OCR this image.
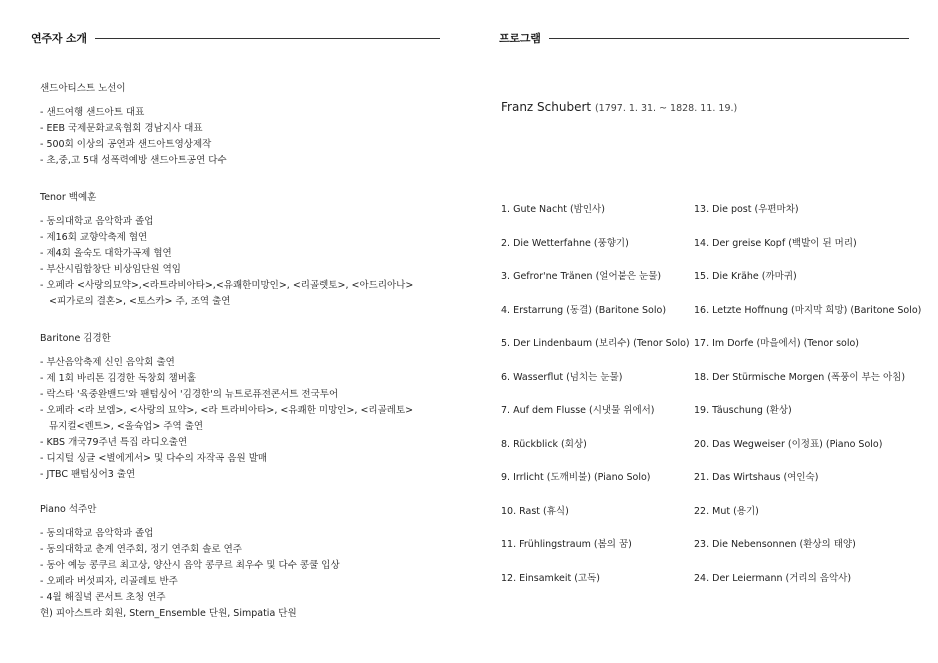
연주자 소개	프로그램
샌드아티스트 노선이
- 샌드여행 샌드아트 대표
- EEB 국제문화교육협회 경남지사 대표
- 500회 이상의 공연과 샌드아트영상제작
- 초,중,고 5대 성폭력예방 샌드아트공연 다수
Tenor 백예훈
- 동의대학교 음악학과 졸업
- 제16회 교향악축제 협연
- 제4회 올숙도 대학가곡제 협연
- 부산시립합창단 비상임단원 역임
- 오페라 <사랑의묘약>,<라트라비아타>,<유쾌한미망인>, <리골렛토>, <아드리아나>
<피가로의 결혼>, <토스카> 주, 조역 출연
Baritone 김경한
- 부산음악축제 신인 음악회 출연
- 제 1회 바리톤 김경한 독창회 챔버홀
- 락스타 '육중완밴드'와 팬텀싱어 '김경한'의 뉴트로퓨전콘서트 전국투어
- 오페라 <라 보엠>, <사랑의 묘약>, <라 트라비아타>, <유쾌한 미망인>, <리골레토>
뮤지컬<렌트>, <올슉업> 주역 출연
- KBS 개국79주년 특집 라디오출연
- 디지털 싱글 <별에게서> 및 다수의 자작곡 음원 발매
- JTBC 팬텀싱어3 출연
Piano 석주안
- 동의대학교 음악학과 졸업
- 동의대학교 춘계 연주회, 정기 연주회 솔로 연주
- 동아 예능 콩쿠르 최고상, 양산시 음악 콩쿠르 최우수 및 다수 콩쿨 입상
- 오페라 버섯피자, 리골레토 반주
- 4월 해질녘 콘서트 초청 연주
현) 피아스트라 회원, Stern_Ensemble 단원, Simpatia 단원
Franz Schubert (1797. 1. 31. ~ 1828. 11. 19.)
1. Gute Nacht (밤인사)
2. Die Wetterfahne (풍향기)
3. Gefror'ne Tränen (얼어붙은 눈물)
4. Erstarrung (동결) (Baritone Solo)
5. Der Lindenbaum (보리수) (Tenor Solo)
6. Wasserflut (넘치는 눈물)
7. Auf dem Flusse (시냇물 위에서)
8. Rückblick (회상)
9. Irrlicht (도깨비불) (Piano Solo)
10. Rast (휴식)
11. Frühlingstraum (봄의 꿈)
12. Einsamkeit (고독)
13. Die post (우편마차)
14. Der greise Kopf (백발이 된 머리)
15. Die Krähe (까마귀)
16. Letzte Hoffnung (마지막 희망) (Baritone Solo)
17. Im Dorfe (마을에서) (Tenor solo)
18. Der Stürmische Morgen (폭풍이 부는 아침)
19. Täuschung (환상)
20. Das Wegweiser (이정표) (Piano Solo)
21. Das Wirtshaus (여인숙)
22. Mut (용기)
23. Die Nebensonnen (환상의 태양)
24. Der Leiermann (거리의 음악사)
